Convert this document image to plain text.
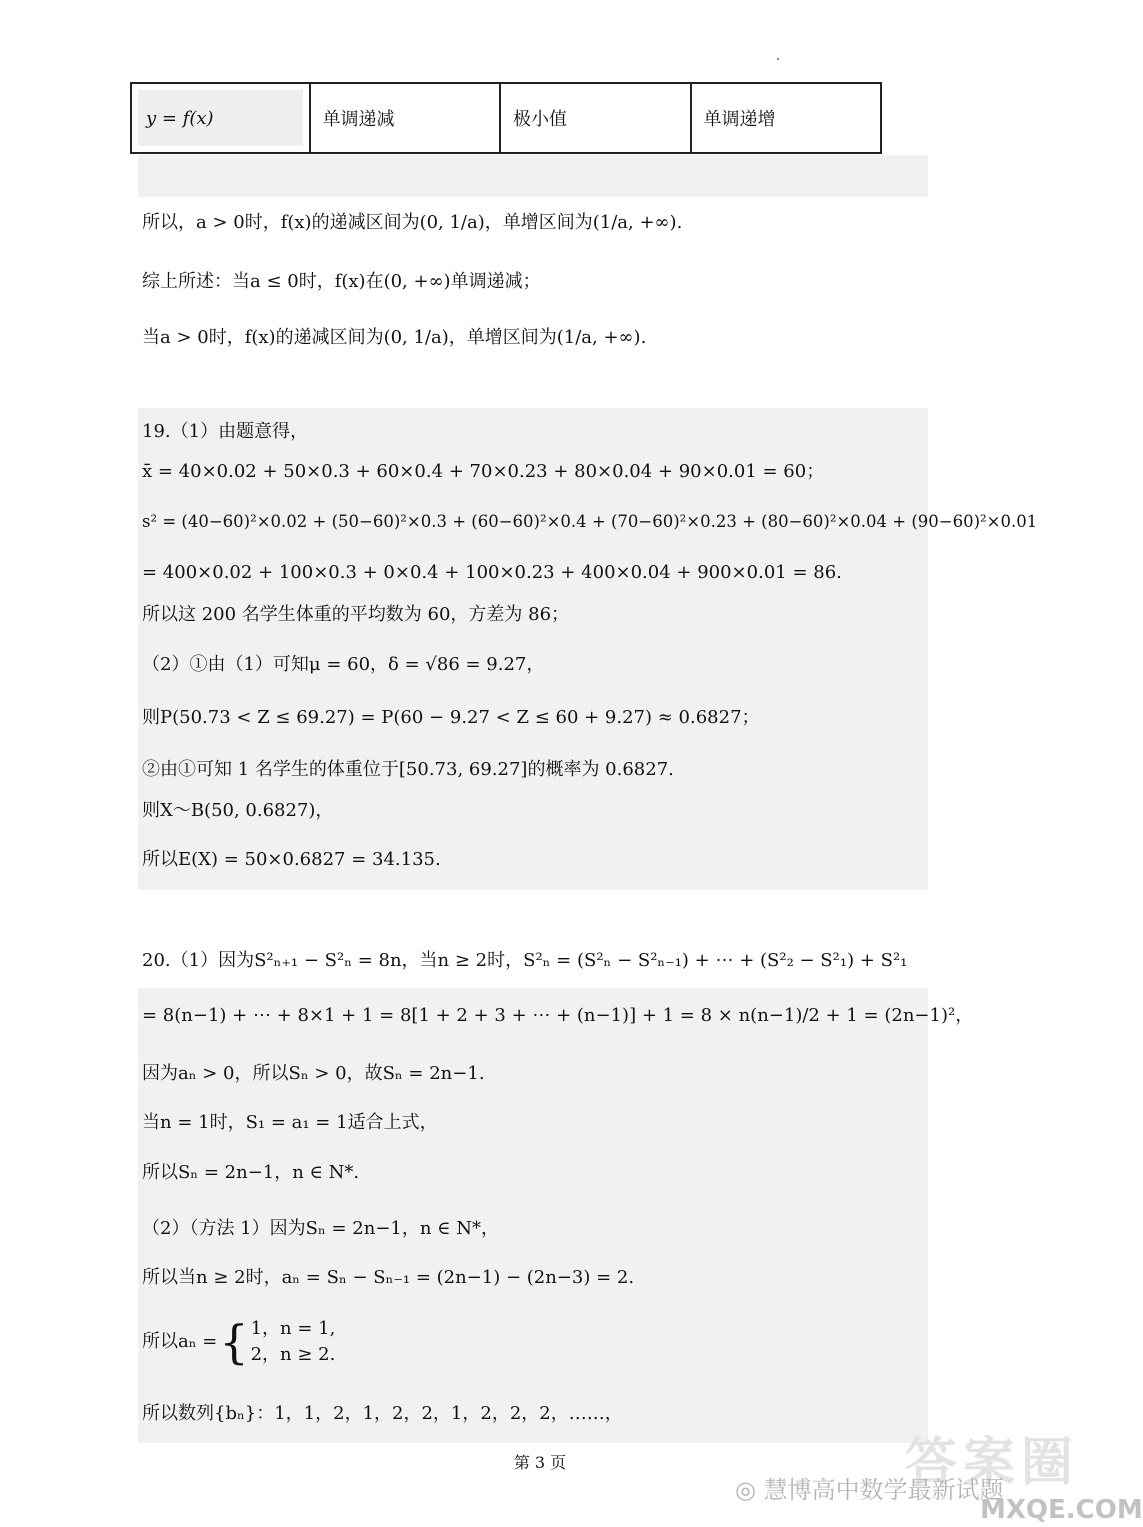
y = f(x)	单调递减	极小值	单调递增
所以，a > 0时，f(x)的递减区间为(0, 1/a)，单增区间为(1/a, +∞).
综上所述：当a ≤ 0时，f(x)在(0, +∞)单调递减；
当a > 0时，f(x)的递减区间为(0, 1/a)，单增区间为(1/a, +∞).
19.（1）由题意得，
x̄ = 40×0.02 + 50×0.3 + 60×0.4 + 70×0.23 + 80×0.04 + 90×0.01 = 60；
s² = (40−60)²×0.02 + (50−60)²×0.3 + (60−60)²×0.4 + (70−60)²×0.23 + (80−60)²×0.04 + (90−60)²×0.01
= 400×0.02 + 100×0.3 + 0×0.4 + 100×0.23 + 400×0.04 + 900×0.01 = 86.
所以这 200 名学生体重的平均数为 60，方差为 86；
（2）①由（1）可知μ = 60，δ = √86 = 9.27，
则P(50.73 < Z ≤ 69.27) = P(60 − 9.27 < Z ≤ 60 + 9.27) ≈ 0.6827；
②由①可知 1 名学生的体重位于[50.73, 69.27]的概率为 0.6827.
则X～B(50, 0.6827)，
所以E(X) = 50×0.6827 = 34.135.
20.（1）因为S²ₙ₊₁ − S²ₙ = 8n，当n ≥ 2时，S²ₙ = (S²ₙ − S²ₙ₋₁) + ⋯ + (S²₂ − S²₁) + S²₁
= 8(n−1) + ⋯ + 8×1 + 1 = 8[1 + 2 + 3 + ⋯ + (n−1)] + 1 = 8 × n(n−1)/2 + 1 = (2n−1)²，
因为aₙ > 0，所以Sₙ > 0，故Sₙ = 2n−1.
当n = 1时，S₁ = a₁ = 1适合上式，
所以Sₙ = 2n−1，n ∈ N*.
（2）（方法 1）因为Sₙ = 2n−1，n ∈ N*，
所以当n ≥ 2时，aₙ = Sₙ − Sₙ₋₁ = (2n−1) − (2n−3) = 2.
所以aₙ = { 1，n = 1,
2，n ≥ 2.
所以数列{bₙ}：1，1，2，1，2，2，1，2，2，2，……，
第 3 页	答案圈
◎ 慧博高中数学最新试题
MXQE.COM
